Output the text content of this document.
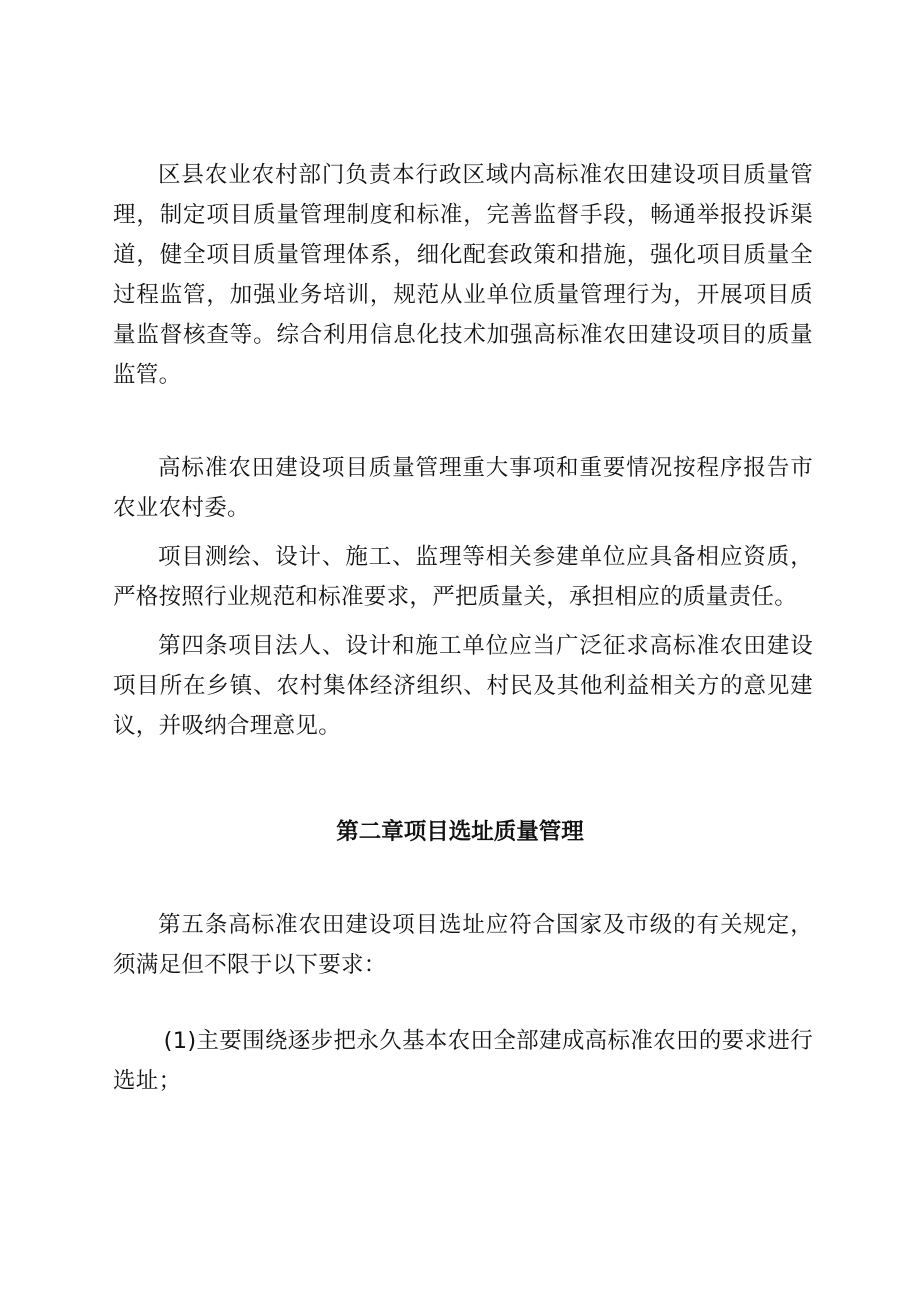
区县农业农村部门负责本行政区域内高标准农田建设项目质量管理，制定项目质量管理制度和标准，完善监督手段，畅通举报投诉渠道，健全项目质量管理体系，细化配套政策和措施，强化项目质量全过程监管，加强业务培训，规范从业单位质量管理行为，开展项目质量监督核查等。综合利用信息化技术加强高标准农田建设项目的质量监管。

高标准农田建设项目质量管理重大事项和重要情况按程序报告市农业农村委。

项目测绘、设计、施工、监理等相关参建单位应具备相应资质，严格按照行业规范和标准要求，严把质量关，承担相应的质量责任。

第四条项目法人、设计和施工单位应当广泛征求高标准农田建设项目所在乡镇、农村集体经济组织、村民及其他利益相关方的意见建议，并吸纳合理意见。

第二章项目选址质量管理

第五条高标准农田建设项目选址应符合国家及市级的有关规定，须满足但不限于以下要求：

(1)主要围绕逐步把永久基本农田全部建成高标准农田的要求进行选址；
